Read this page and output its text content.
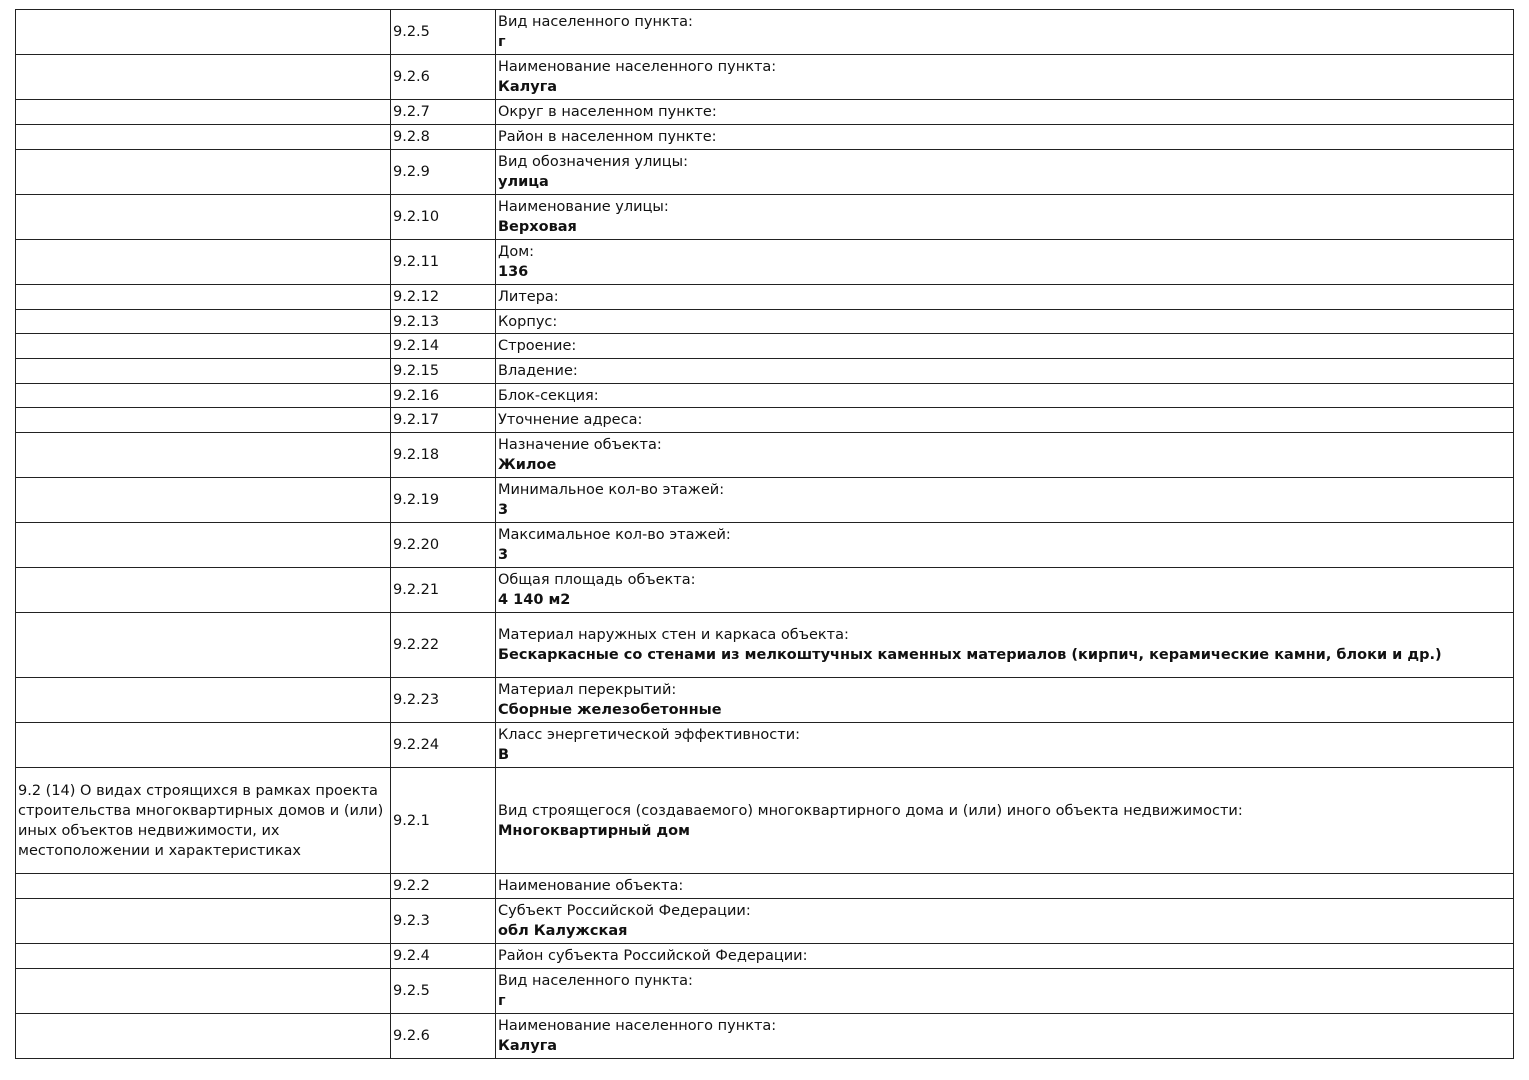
	9.2.5	Вид населенного пункта:
г

	9.2.6	Наименование населенного пункта:
Калуга

	9.2.7	Округ в населенном пункте:

	9.2.8	Район в населенном пункте:

	9.2.9	Вид обозначения улицы:
улица

	9.2.10	Наименование улицы:
Верховая

	9.2.11	Дом:
136

	9.2.12	Литера:

	9.2.13	Корпус:

	9.2.14	Строение:

	9.2.15	Владение:

	9.2.16	Блок-секция:

	9.2.17	Уточнение адреса:

	9.2.18	Назначение объекта:
Жилое

	9.2.19	Минимальное кол-во этажей:
3

	9.2.20	Максимальное кол-во этажей:
3

	9.2.21	Общая площадь объекта:
4 140 м2

	9.2.22	Материал наружных стен и каркаса объекта:
Бескаркасные со стенами из мелкоштучных каменных материалов (кирпич, керамические камни, блоки и др.)

	9.2.23	Материал перекрытий:
Сборные железобетонные

	9.2.24	Класс энергетической эффективности:
В

9.2 (14) О видах строящихся в рамках проекта строительства многоквартирных домов и (или) иных объектов недвижимости, их местоположении и характеристиках	9.2.1	Вид строящегося (создаваемого) многоквартирного дома и (или) иного объекта недвижимости:
Многоквартирный дом

	9.2.2	Наименование объекта:

	9.2.3	Субъект Российской Федерации:
обл Калужская

	9.2.4	Район субъекта Российской Федерации:

	9.2.5	Вид населенного пункта:
г

	9.2.6	Наименование населенного пункта:
Калуга
